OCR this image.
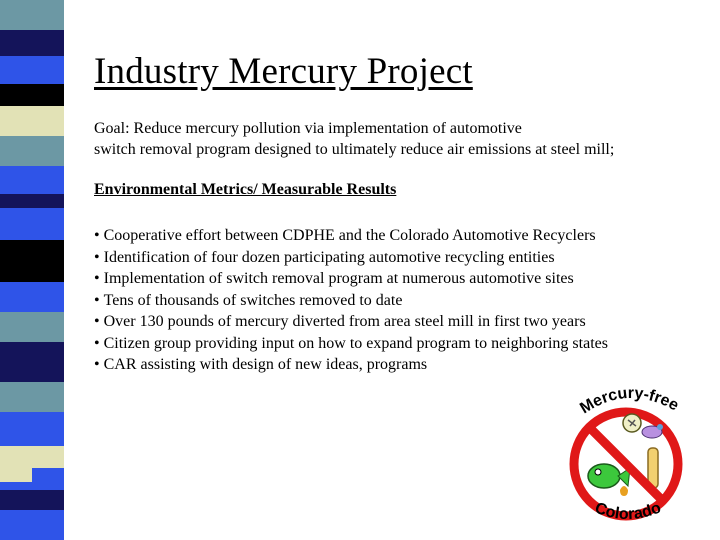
Industry Mercury Project
Goal: Reduce mercury pollution via implementation of automotive
switch removal program designed to ultimately reduce air emissions at steel mill;
Environmental Metrics/ Measurable Results
• Cooperative effort between CDPHE and the Colorado Automotive Recyclers
• Identification of four dozen participating automotive recycling entities
• Implementation of switch removal program at numerous automotive sites
• Tens of thousands of switches removed to date
• Over 130 pounds of mercury diverted from area steel mill in first two years
• Citizen group providing input on how to expand program to neighboring states
• CAR assisting with design of new ideas, programs
Mercury-free
Colorado
